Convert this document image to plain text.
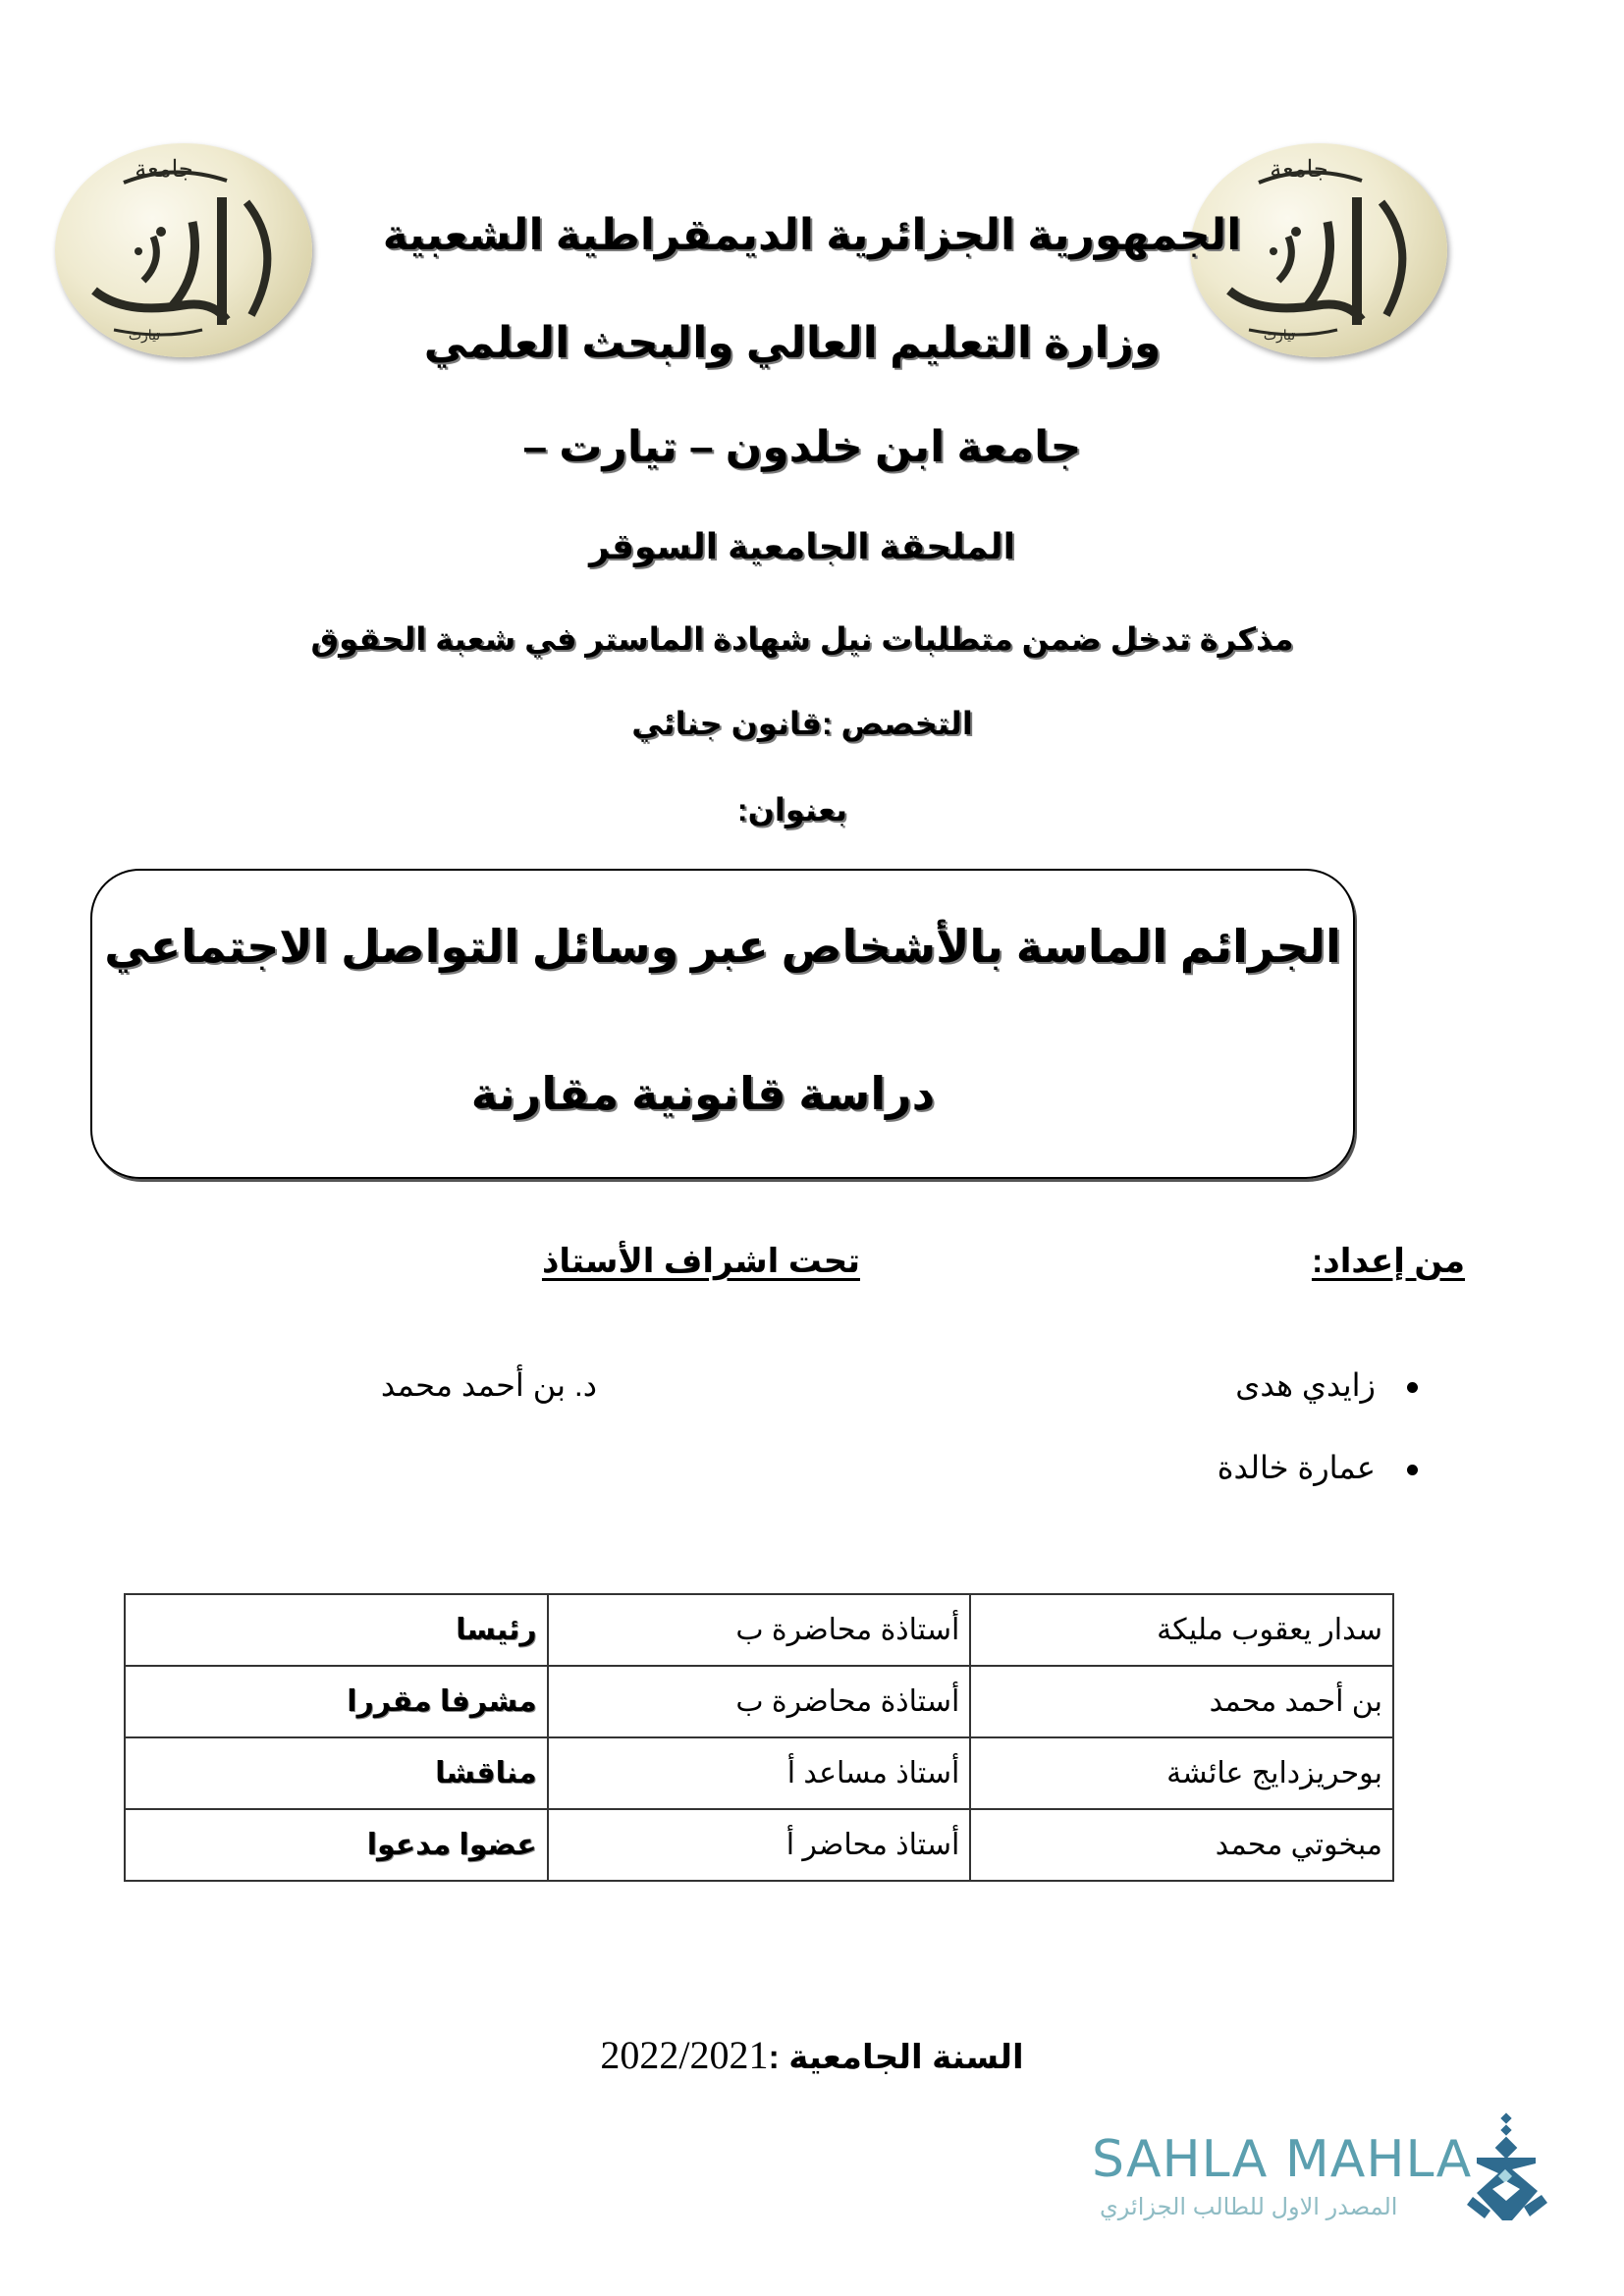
جامعة
تيارت
جامعة
تيارت
الجمهورية الجزائرية الديمقراطية الشعبية
وزارة التعليم العالي والبحث العلمي
جامعة ابن خلدون – تيارت –
الملحقة الجامعية السوقر
مذكرة تدخل ضمن متطلبات نيل شهادة الماستر في شعبة الحقوق
التخصص :قانون جنائي
بعنوان:
الجرائم الماسة بالأشخاص عبر وسائل التواصل الاجتماعي
دراسة قانونية مقارنة
من إعداد:
تحت اشراف الأستاذ
زايدي هدى
عمارة خالدة
د. بن أحمد محمد
سدار يعقوب مليكة	أستاذة محاضرة ب	رئيسا
بن أحمد محمد	أستاذة محاضرة ب	مشرفا مقررا
بوحريزدايج عائشة	أستاذ مساعد أ	مناقشا
مبخوتي محمد	أستاذ محاضر أ	عضوا مدعوا
السنة الجامعية :2022/2021
SAHLA MAHLA
المصدر الاول للطالب الجزائري
